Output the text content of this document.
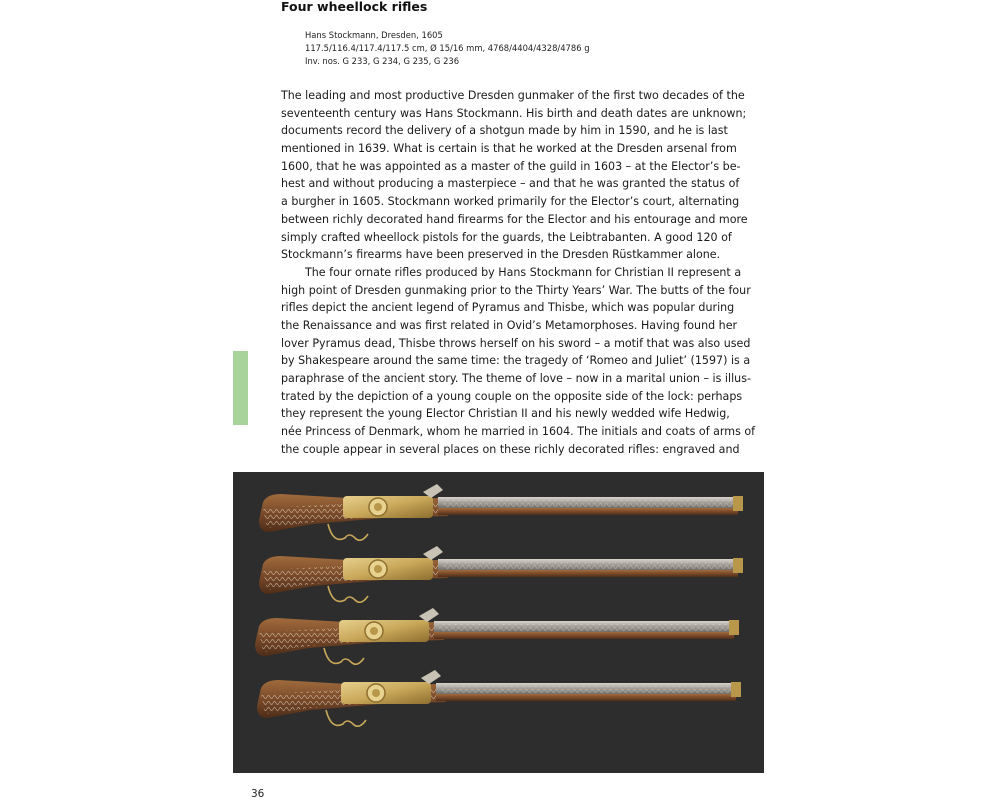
Four wheellock rifles
Hans Stockmann, Dresden, 1605
117.5/116.4/117.4/117.5 cm, Ø 15/16 mm, 4768/4404/4328/4786 g
Inv. nos. G 233, G 234, G 235, G 236
The leading and most productive Dresden gunmaker of the first two decades of the
seventeenth century was Hans Stockmann. His birth and death dates are unknown;
documents record the delivery of a shotgun made by him in 1590, and he is last
mentioned in 1639. What is certain is that he worked at the Dresden arsenal from
1600, that he was appointed as a master of the guild in 1603 – at the Elector’s be-
hest and without producing a masterpiece – and that he was granted the status of
a burgher in 1605. Stockmann worked primarily for the Elector’s court, alternating
between richly decorated hand firearms for the Elector and his entourage and more
simply crafted wheellock pistols for the guards, the Leibtrabanten. A good 120 of
Stockmann’s firearms have been preserved in the Dresden Rüstkammer alone.
The four ornate rifles produced by Hans Stockmann for Christian II represent a
high point of Dresden gunmaking prior to the Thirty Years’ War. The butts of the four
rifles depict the ancient legend of Pyramus and Thisbe, which was popular during
the Renaissance and was first related in Ovid’s Metamorphoses. Having found her
lover Pyramus dead, Thisbe throws herself on his sword – a motif that was also used
by Shakespeare around the same time: the tragedy of ‘Romeo and Juliet’ (1597) is a
paraphrase of the ancient story. The theme of love – now in a marital union – is illus-
trated by the depiction of a young couple on the opposite side of the lock: perhaps
they represent the young Elector Christian II and his newly wedded wife Hedwig,
née Princess of Denmark, whom he married in 1604. The initials and coats of arms of
the couple appear in several places on these richly decorated rifles: engraved and
36
